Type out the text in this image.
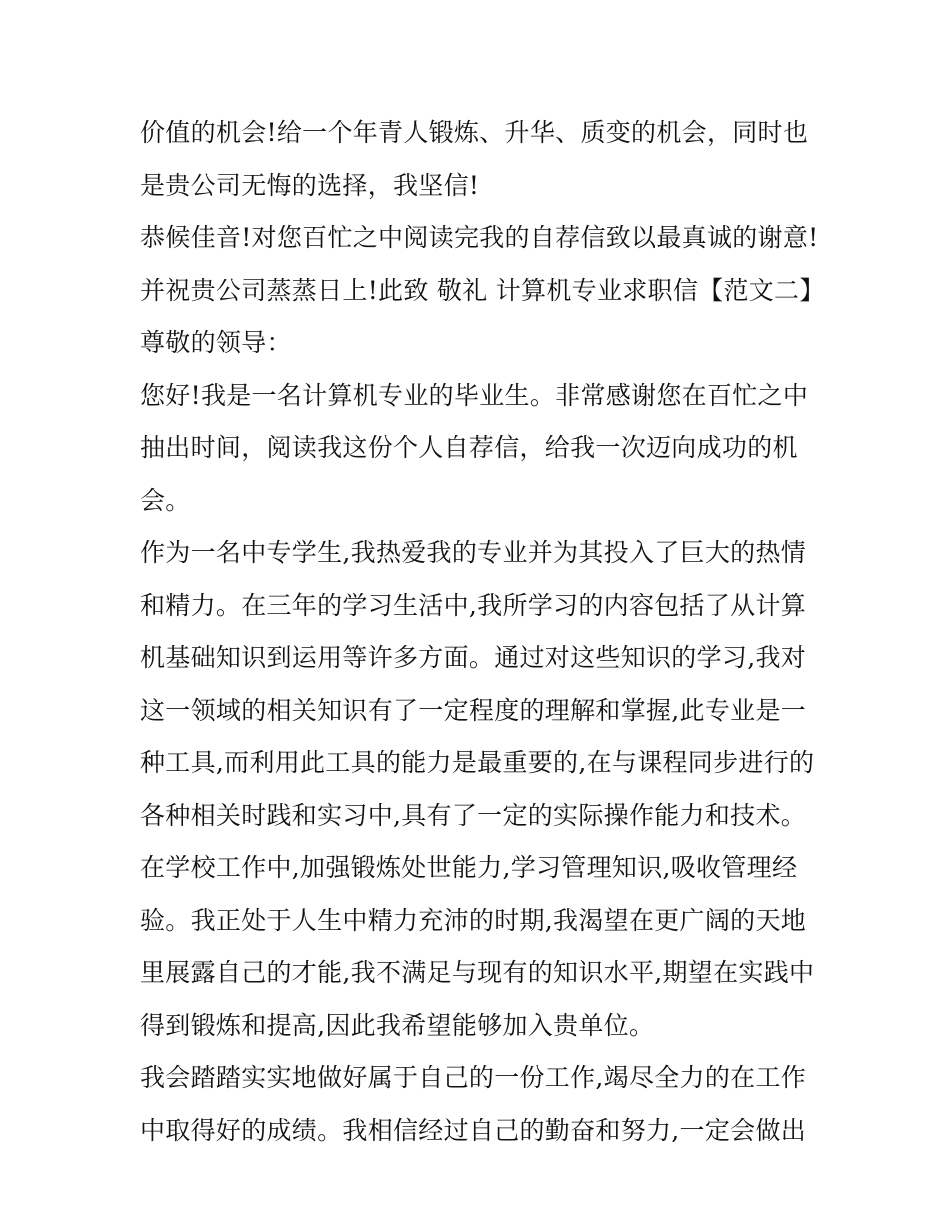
价值的机会!给一个年青人锻炼、升华、质变的机会，同时也
是贵公司无悔的选择，我坚信!
恭候佳音!对您百忙之中阅读完我的自荐信致以最真诚的谢意!
并祝贵公司蒸蒸日上!此致 敬礼 计算机专业求职信【范文二】
尊敬的领导：
您好!我是一名计算机专业的毕业生。非常感谢您在百忙之中
抽出时间，阅读我这份个人自荐信，给我一次迈向成功的机
会。
作为一名中专学生,我热爱我的专业并为其投入了巨大的热情
和精力。在三年的学习生活中,我所学习的内容包括了从计算
机基础知识到运用等许多方面。通过对这些知识的学习,我对
这一领域的相关知识有了一定程度的理解和掌握,此专业是一
种工具,而利用此工具的能力是最重要的,在与课程同步进行的
各种相关时践和实习中,具有了一定的实际操作能力和技术。
在学校工作中,加强锻炼处世能力,学习管理知识,吸收管理经
验。我正处于人生中精力充沛的时期,我渴望在更广阔的天地
里展露自己的才能,我不满足与现有的知识水平,期望在实践中
得到锻炼和提高,因此我希望能够加入贵单位。
我会踏踏实实地做好属于自己的一份工作,竭尽全力的在工作
中取得好的成绩。我相信经过自己的勤奋和努力,一定会做出
